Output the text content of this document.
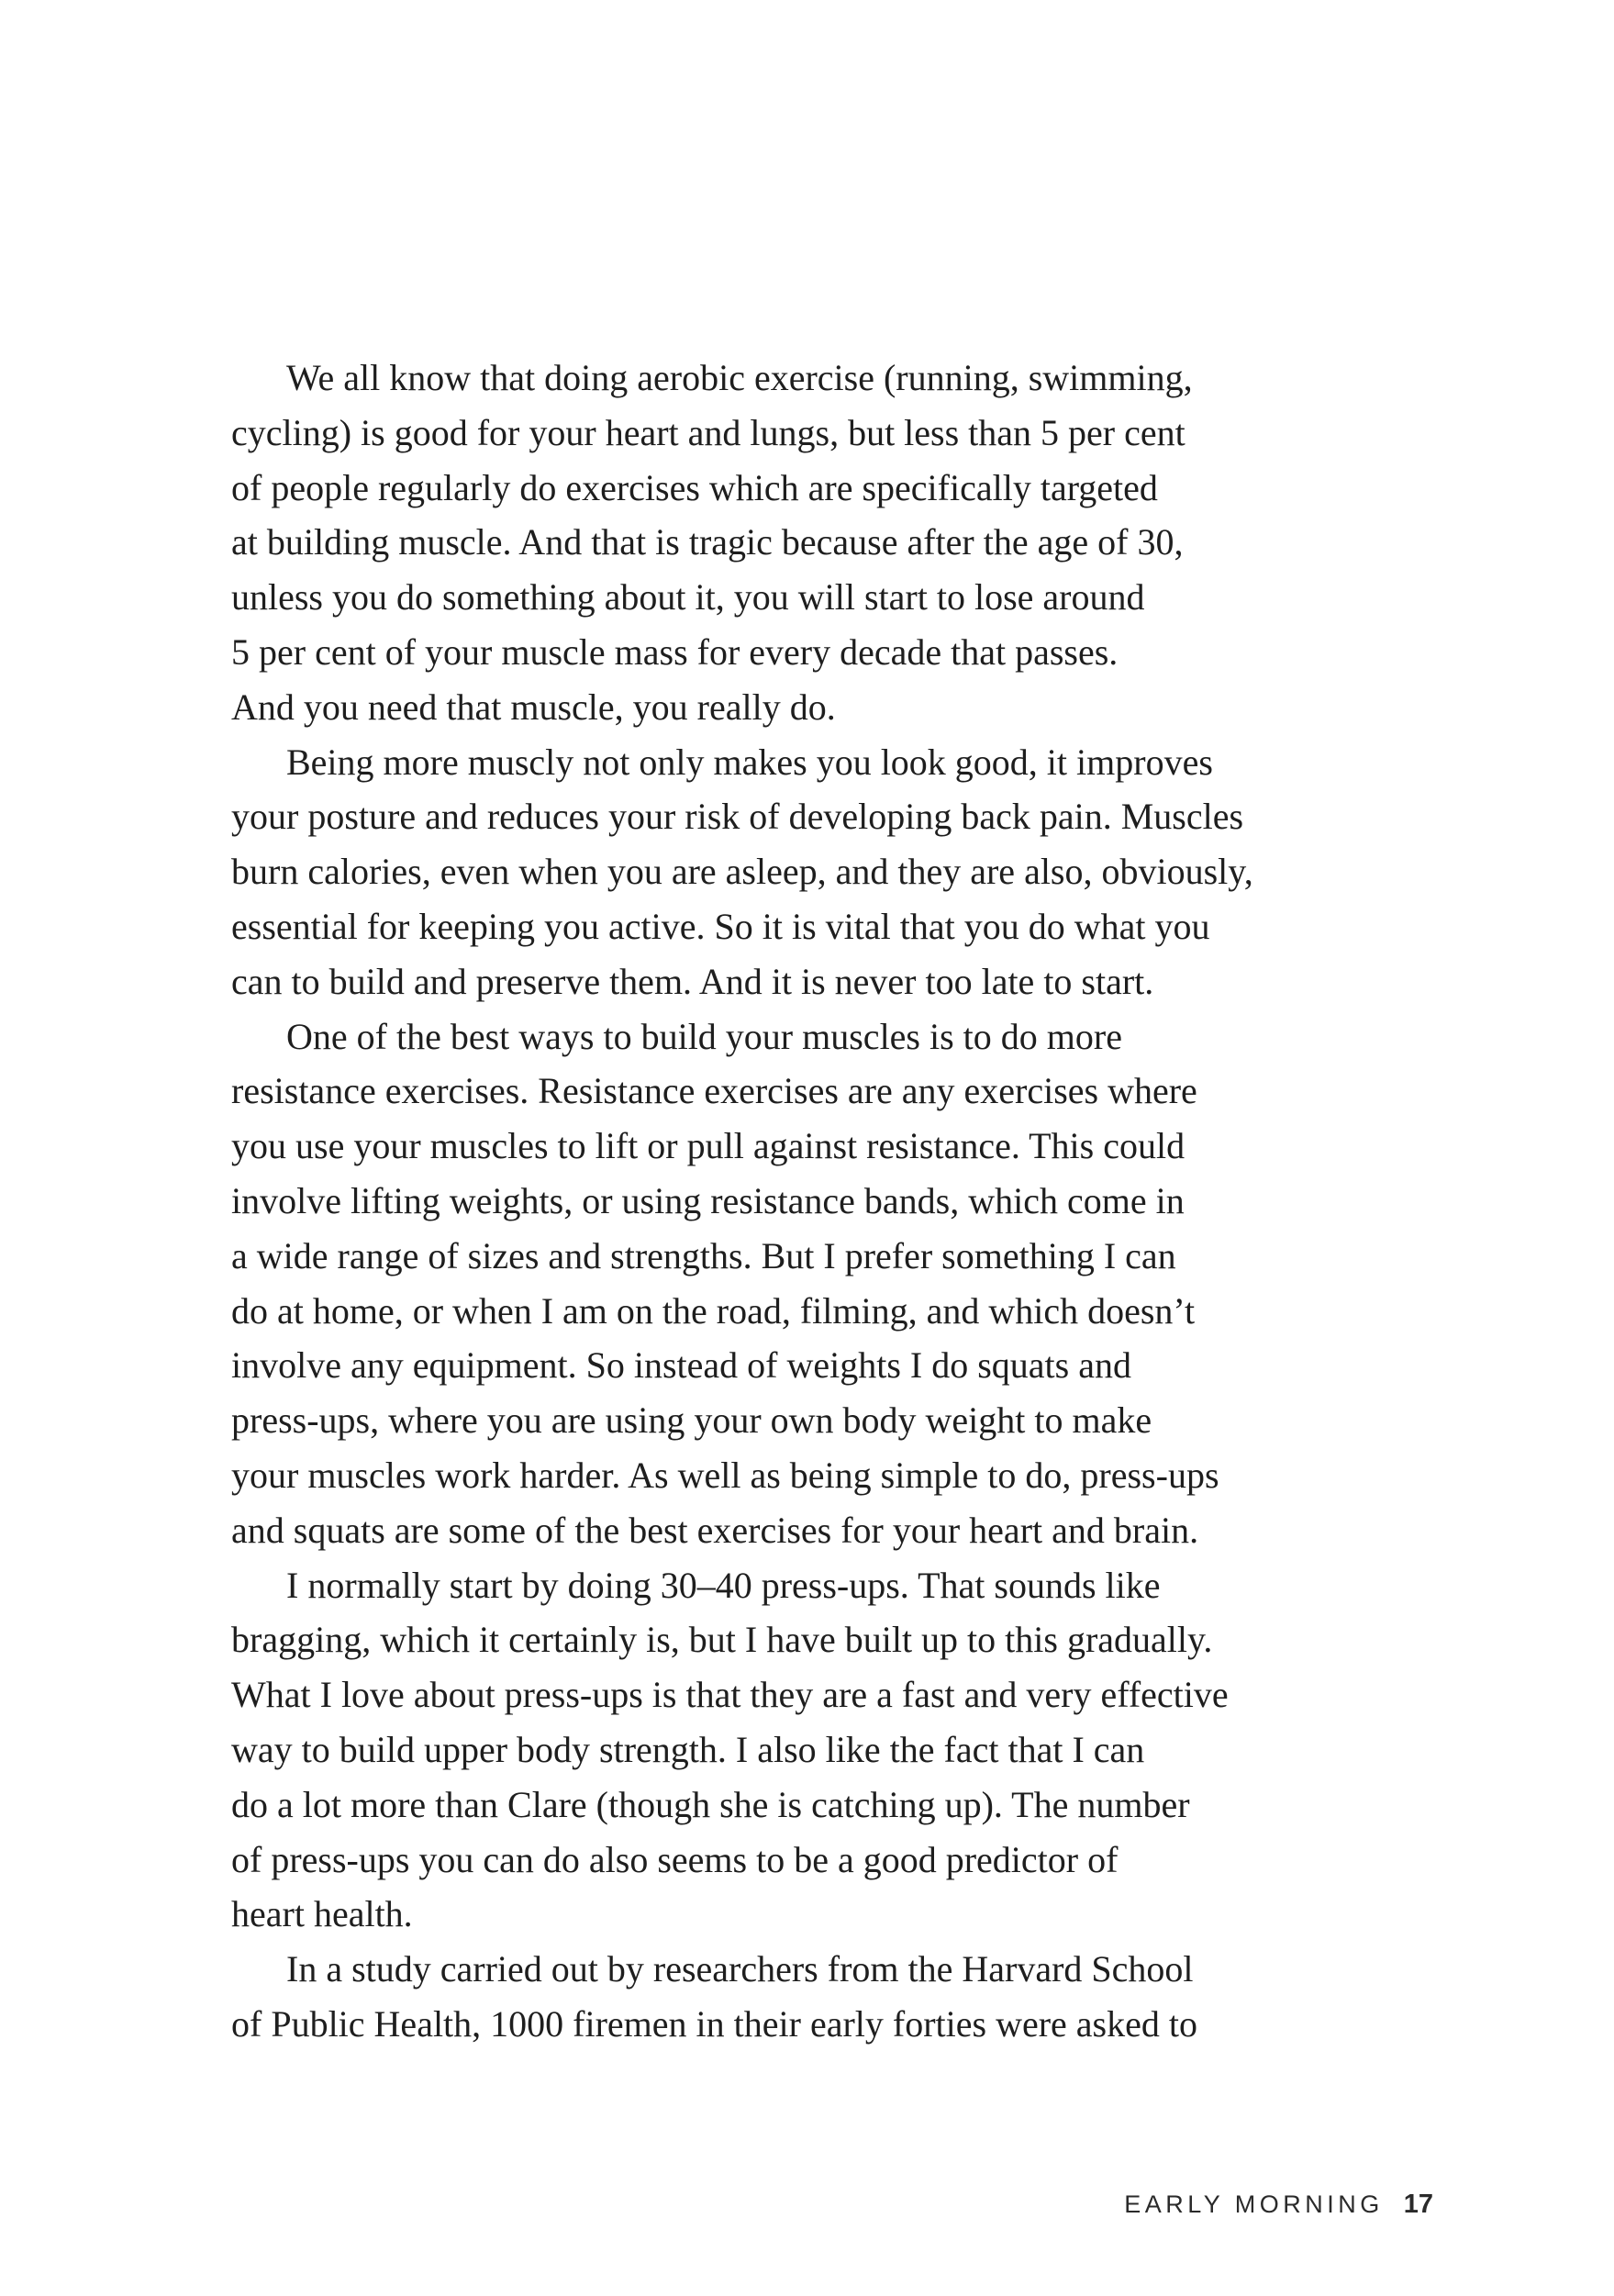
We all know that doing aerobic exercise (running, swimming,
cycling) is good for your heart and lungs, but less than 5 per cent
of people regularly do exercises which are specifically targeted
at building muscle. And that is tragic because after the age of 30,
unless you do something about it, you will start to lose around
5 per cent of your muscle mass for every decade that passes.
And you need that muscle, you really do.
Being more muscly not only makes you look good, it improves
your posture and reduces your risk of developing back pain. Muscles
burn calories, even when you are asleep, and they are also, obviously,
essential for keeping you active. So it is vital that you do what you
can to build and preserve them. And it is never too late to start.
One of the best ways to build your muscles is to do more
resistance exercises. Resistance exercises are any exercises where
you use your muscles to lift or pull against resistance. This could
involve lifting weights, or using resistance bands, which come in
a wide range of sizes and strengths. But I prefer something I can
do at home, or when I am on the road, filming, and which doesn’t
involve any equipment. So instead of weights I do squats and
press-ups, where you are using your own body weight to make
your muscles work harder. As well as being simple to do, press-ups
and squats are some of the best exercises for your heart and brain.
I normally start by doing 30–40 press-ups. That sounds like
bragging, which it certainly is, but I have built up to this gradually.
What I love about press-ups is that they are a fast and very effective
way to build upper body strength. I also like the fact that I can
do a lot more than Clare (though she is catching up). The number
of press-ups you can do also seems to be a good predictor of
heart health.
In a study carried out by researchers from the Harvard School
of Public Health, 1000 firemen in their early forties were asked to
EARLY MORNING 17
